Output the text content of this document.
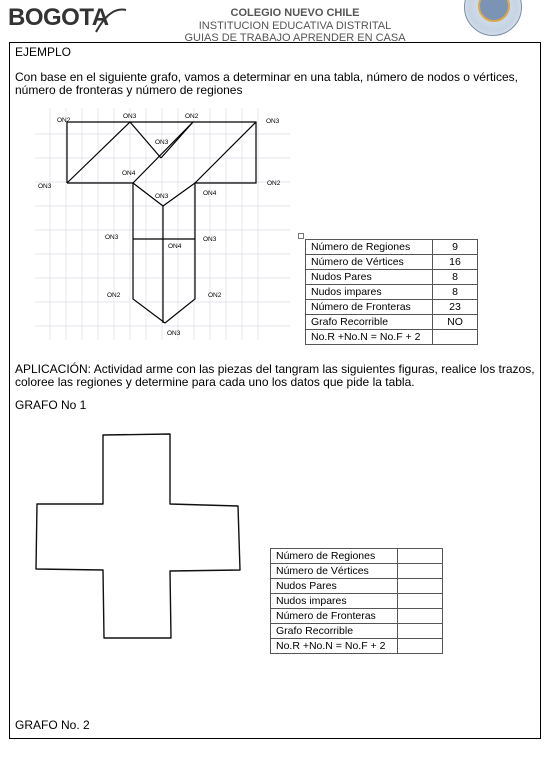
BOGOTA	COLEGIO NUEVO CHILE
INSTITUCION EDUCATIVA DISTRITAL
GUIAS DE TRABAJO APRENDER EN CASA
EJEMPLO
Con base en el siguiente grafo, vamos a determinar en una tabla, número de nodos o vértices, número de fronteras y número de regiones
ON2
ON3	ON2
ON3
ON3
ON4
ON3	ON2
ON3	ON4
ON3
ON4
ON3
ON2	ON2
ON3
Número de Regiones	9
Número de Vértices	16
Nudos Pares	8
Nudos impares	8
Número de Fronteras	23
Grafo Recorrible	NO
No.R +No.N = No.F + 2	
APLICACIÓN: Actividad arme con las piezas del tangram las siguientes figuras, realice los trazos, coloree las regiones y determine para cada uno los datos que pide la tabla.
GRAFO No 1
Número de Regiones	
Número de Vértices	
Nudos Pares	
Nudos impares	
Número de Fronteras	
Grafo Recorrible	
No.R +No.N = No.F + 2	
GRAFO No. 2
